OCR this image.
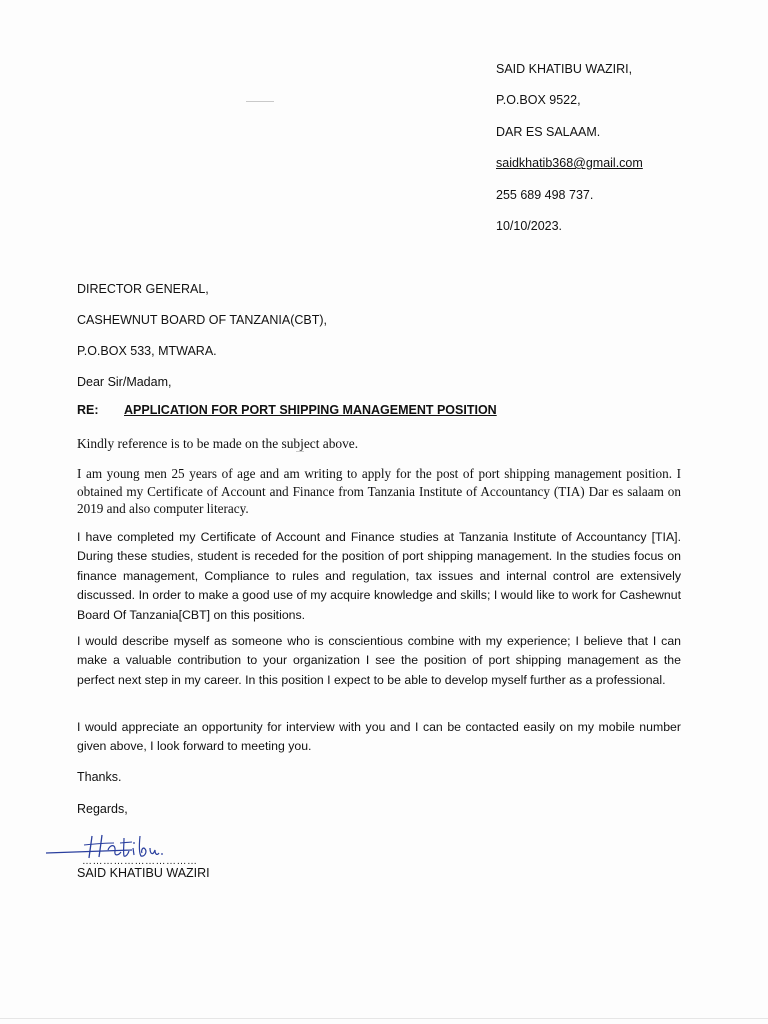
SAID KHATIBU WAZIRI,
P.O.BOX 9522,
DAR ES SALAAM.
saidkhatib368@gmail.com
255 689 498 737.
10/10/2023.
DIRECTOR GENERAL,
CASHEWNUT BOARD OF TANZANIA(CBT),
P.O.BOX 533, MTWARA.
Dear Sir/Madam,
RE: APPLICATION FOR PORT SHIPPING MANAGEMENT POSITION
Kindly reference is to be made on the subject above.
I am young men 25 years of age and am writing to apply for the post of port shipping management position. I obtained my Certificate of Account and Finance from Tanzania Institute of Accountancy (TIA) Dar es salaam on 2019 and also computer literacy.
I have completed my Certificate of Account and Finance studies at Tanzania Institute of Accountancy [TIA]. During these studies, student is receded for the position of port shipping management. In the studies focus on finance management, Compliance to rules and regulation, tax issues and internal control are extensively discussed. In order to make a good use of my acquire knowledge and skills; I would like to work for Cashewnut Board Of Tanzania[CBT] on this positions.
I would describe myself as someone who is conscientious combine with my experience; I believe that I can make a valuable contribution to your organization I see the position of port shipping management as the perfect next step in my career. In this position I expect to be able to develop myself further as a professional.
I would appreciate an opportunity for interview with you and I can be contacted easily on my mobile number given above, I look forward to meeting you.
Thanks.
Regards,
……………………………
SAID KHATIBU WAZIRI
